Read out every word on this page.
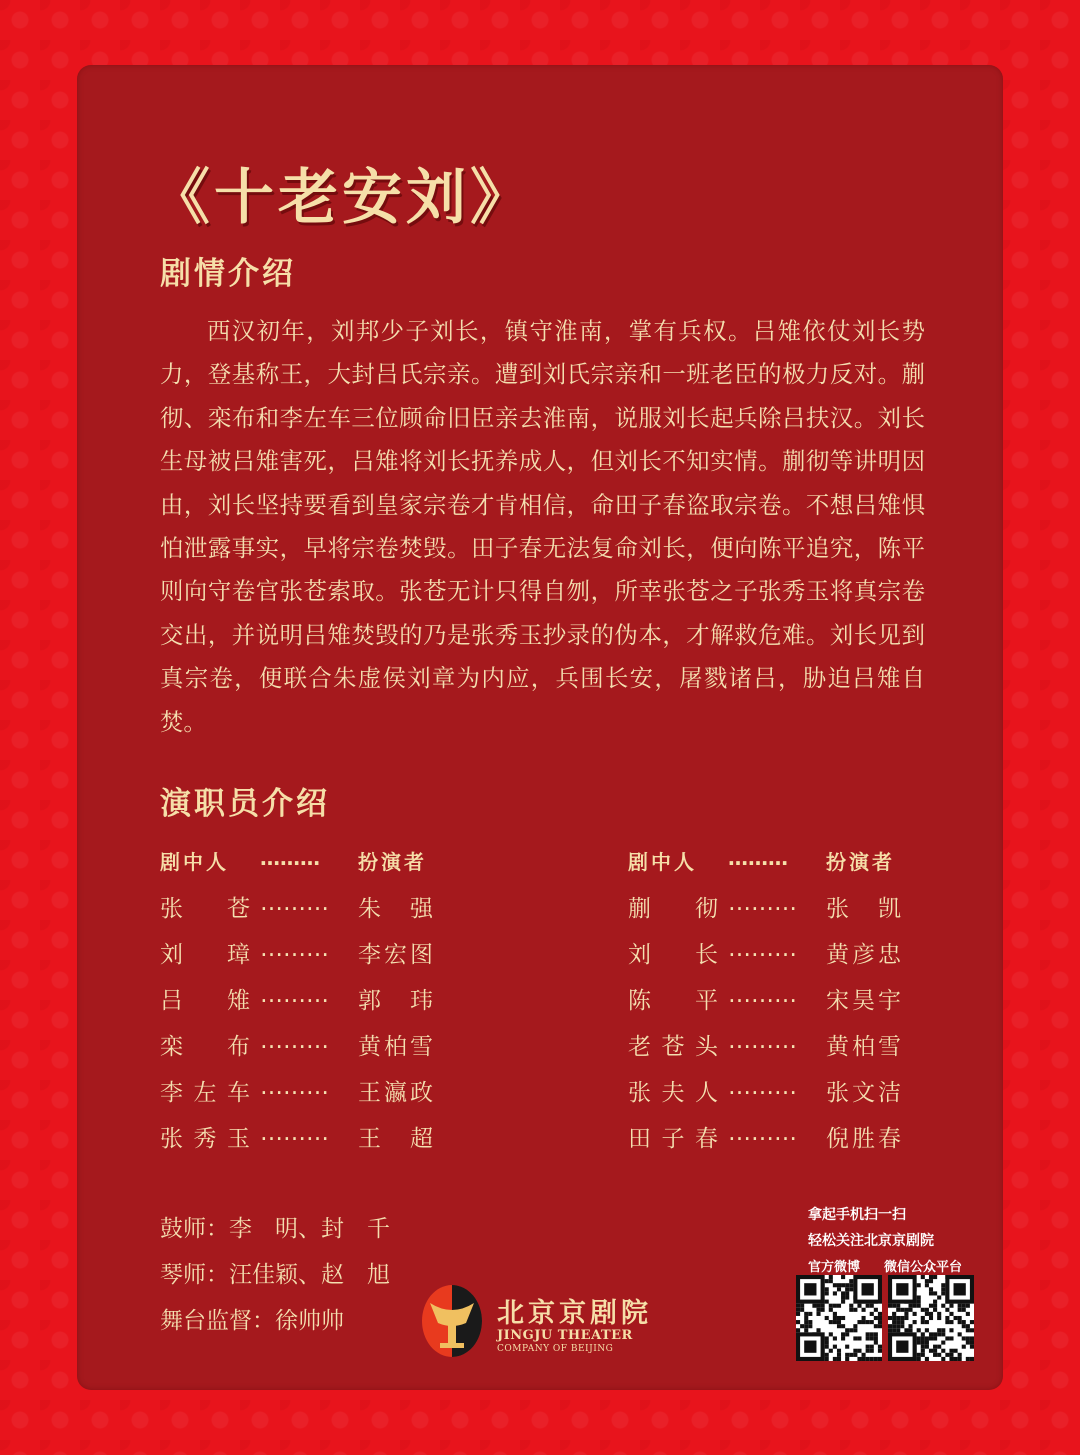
《十老安刘》
剧情介绍

西汉初年，刘邦少子刘长，镇守淮南，掌有兵权。吕雉依仗刘长势力，登基称王，大封吕氏宗亲。遭到刘氏宗亲和一班老臣的极力反对。蒯彻、栾布和李左车三位顾命旧臣亲去淮南，说服刘长起兵除吕扶汉。刘长生母被吕雉害死，吕雉将刘长抚养成人，但刘长不知实情。蒯彻等讲明因由，刘长坚持要看到皇家宗卷才肯相信，命田子春盗取宗卷。不想吕雉惧怕泄露事实，早将宗卷焚毁。田子春无法复命刘长，便向陈平追究，陈平则向守卷官张苍索取。张苍无计只得自刎，所幸张苍之子张秀玉将真宗卷交出，并说明吕雉焚毁的乃是张秀玉抄录的伪本，才解救危难。刘长见到真宗卷，便联合朱虚侯刘章为内应，兵围长安，屠戮诸吕，胁迫吕雉自焚。

演职员介绍
剧中人	……… 扮演者
张苍 ……… 朱强
刘璋 ……… 李宏图
吕雉 ……… 郭玮
栾布 ……… 黄柏雪
李左车 ……… 王瀛政
张秀玉 ……… 王超
剧中人	……… 扮演者
蒯彻 ……… 张凯
刘长 ……… 黄彦忠
陈平 ……… 宋昊宇
老苍头 ……… 黄柏雪
张夫人 ……… 张文洁
田子春 ……… 倪胜春
鼓师：李　明、封　千
琴师：汪佳颖、赵　旭
舞台监督：徐帅帅	北京京剧院
JINGJU THEATER
COMPANY OF BEIJING
拿起手机扫一扫
轻松关注北京京剧院
官方微博 微信公众平台
